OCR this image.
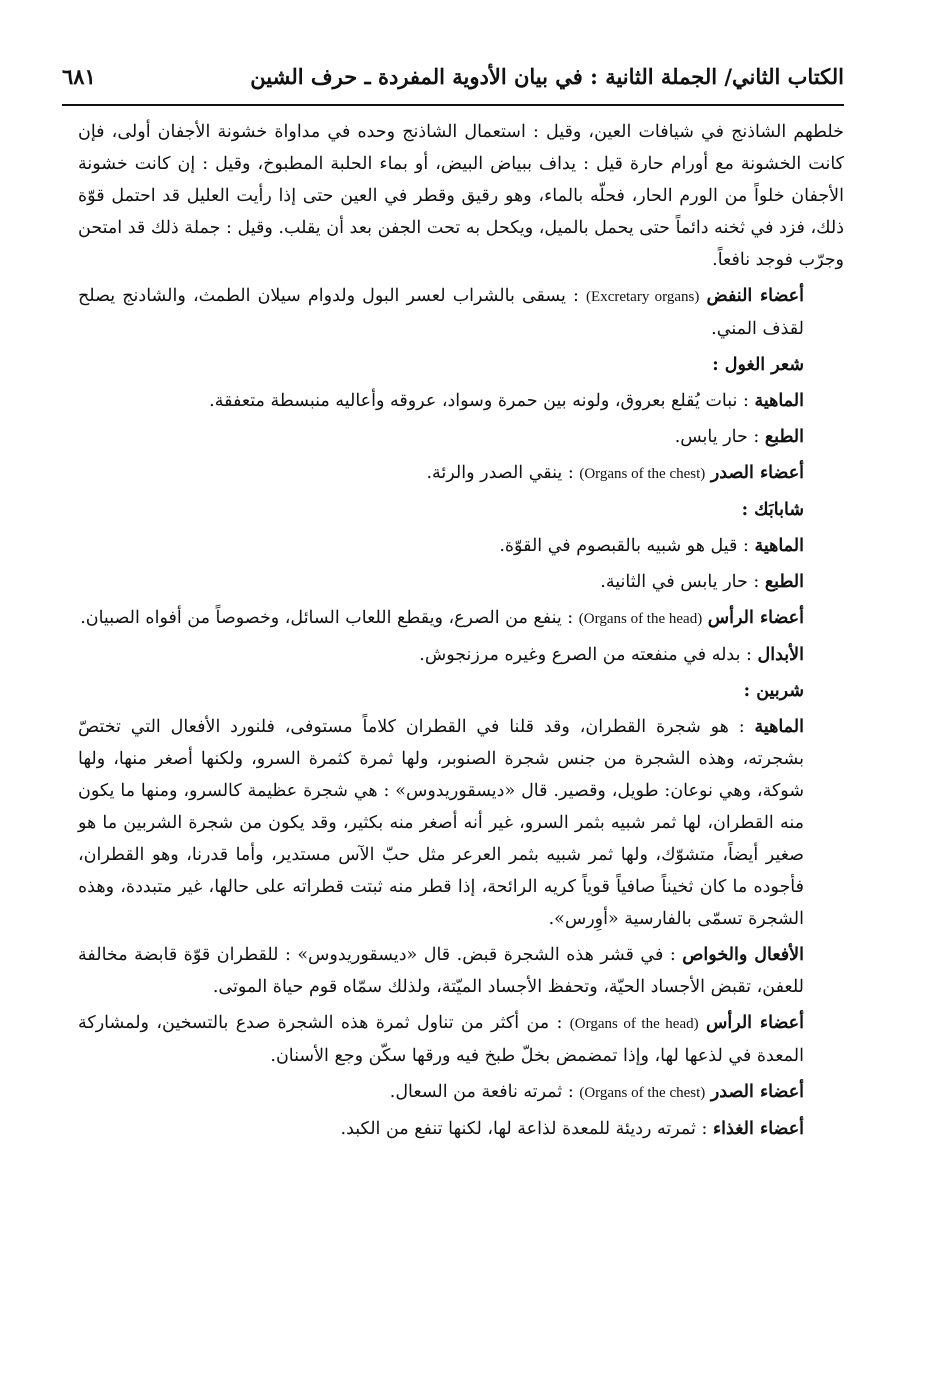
الكتاب الثاني/ الجملة الثانية : في بيان الأدوية المفردة ـ حرف الشين
٦٨١

خلطهم الشاذنج في شيافات العين، وقيل : استعمال الشاذنج وحده في مداواة خشونة الأجفان أولى، فإن كانت الخشونة مع أورام حارة قيل : يداف ببياض البيض، أو بماء الحلبة المطبوخ، وقيل : إن كانت خشونة الأجفان خلواً من الورم الحار، فحلّه بالماء، وهو رقيق وقطر في العين حتى إذا رأيت العليل قد احتمل قوّة ذلك، فزد في ثخنه دائماً حتى يحمل بالميل، ويكحل به تحت الجفن بعد أن يقلب. وقيل : جملة ذلك قد امتحن وجرّب فوجد نافعاً.

أعضاء النفض (Excretary organs) : يسقى بالشراب لعسر البول ولدوام سيلان الطمث، والشادنج يصلح لقذف المني.

شعر الغول :

الماهية : نبات يُقلع بعروق، ولونه بين حمرة وسواد، عروقه وأعاليه منبسطة متعفقة.

الطبع : حار يابس.

أعضاء الصدر (Organs of the chest) : ينقي الصدر والرئة.

شابابَك :

الماهية : قيل هو شبيه بالقبصوم في القوّة.

الطبع : حار يابس في الثانية.

أعضاء الرأس (Organs of the head) : ينفع من الصرع، ويقطع اللعاب السائل، وخصوصاً من أفواه الصبيان.

الأبدال : بدله في منفعته من الصرع وغيره مرزنجوش.

شربين :

الماهية : هو شجرة القطران، وقد قلنا في القطران كلاماً مستوفى، فلنورد الأفعال التي تختصّ بشجرته، وهذه الشجرة من جنس شجرة الصنوبر، ولها ثمرة كثمرة السرو، ولكنها أصغر منها، ولها شوكة، وهي نوعان: طويل، وقصير. قال «ديسقوريدوس» : هي شجرة عظيمة كالسرو، ومنها ما يكون منه القطران، لها ثمر شبيه بثمر السرو، غير أنه أصغر منه بكثير، وقد يكون من شجرة الشربين ما هو صغير أيضاً، متشوّك، ولها ثمر شبيه بثمر العرعر مثل حبّ الآس مستدير، وأما قدرنا، وهو القطران، فأجوده ما كان ثخيناً صافياً قوياً كريه الرائحة، إذا قطر منه ثبتت قطراته على حالها، غير متبددة، وهذه الشجرة تسمّى بالفارسية «أوِرس».

الأفعال والخواص : في قشر هذه الشجرة قبض. قال «ديسقوريدوس» : للقطران قوّة قابضة مخالفة للعفن، تقبض الأجساد الحيّة، وتحفظ الأجساد الميّتة، ولذلك سمّاه قوم حياة الموتى.

أعضاء الرأس (Organs of the head) : من أكثر من تناول ثمرة هذه الشجرة صدع بالتسخين، ولمشاركة المعدة في لذعها لها، وإذا تمضمض بخلّ طبخ فيه ورقها سكّن وجع الأسنان.

أعضاء الصدر (Organs of the chest) : ثمرته نافعة من السعال.

أعضاء الغذاء : ثمرته رديئة للمعدة لذاعة لها، لكنها تنفع من الكبد.
